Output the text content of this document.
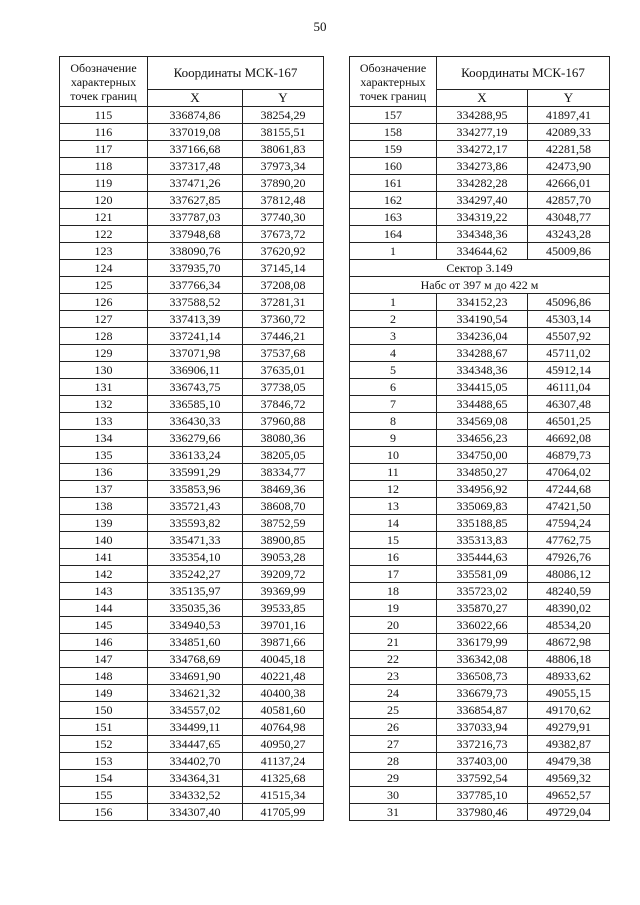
50
Обозначение характерных точек границ	Координаты МСК-167	
	X	Y
115	336874,86	38254,29
116	337019,08	38155,51
117	337166,68	38061,83
118	337317,48	37973,34
119	337471,26	37890,20
120	337627,85	37812,48
121	337787,03	37740,30
122	337948,68	37673,72
123	338090,76	37620,92
124	337935,70	37145,14
125	337766,34	37208,08
126	337588,52	37281,31
127	337413,39	37360,72
128	337241,14	37446,21
129	337071,98	37537,68
130	336906,11	37635,01
131	336743,75	37738,05
132	336585,10	37846,72
133	336430,33	37960,88
134	336279,66	38080,36
135	336133,24	38205,05
136	335991,29	38334,77
137	335853,96	38469,36
138	335721,43	38608,70
139	335593,82	38752,59
140	335471,33	38900,85
141	335354,10	39053,28
142	335242,27	39209,72
143	335135,97	39369,99
144	335035,36	39533,85
145	334940,53	39701,16
146	334851,60	39871,66
147	334768,69	40045,18
148	334691,90	40221,48
149	334621,32	40400,38
150	334557,02	40581,60
151	334499,11	40764,98
152	334447,65	40950,27
153	334402,70	41137,24
154	334364,31	41325,68
155	334332,52	41515,34
156	334307,40	41705,99
Обозначение характерных точек границ	Координаты МСК-167	
	X	Y
157	334288,95	41897,41
158	334277,19	42089,33
159	334272,17	42281,58
160	334273,86	42473,90
161	334282,28	42666,01
162	334297,40	42857,70
163	334319,22	43048,77
164	334348,36	43243,28
1	334644,62	45009,86
Сектор 3.149		
Набс от 397 м до 422 м		
1	334152,23	45096,86
2	334190,54	45303,14
3	334236,04	45507,92
4	334288,67	45711,02
5	334348,36	45912,14
6	334415,05	46111,04
7	334488,65	46307,48
8	334569,08	46501,25
9	334656,23	46692,08
10	334750,00	46879,73
11	334850,27	47064,02
12	334956,92	47244,68
13	335069,83	47421,50
14	335188,85	47594,24
15	335313,83	47762,75
16	335444,63	47926,76
17	335581,09	48086,12
18	335723,02	48240,59
19	335870,27	48390,02
20	336022,66	48534,20
21	336179,99	48672,98
22	336342,08	48806,18
23	336508,73	48933,62
24	336679,73	49055,15
25	336854,87	49170,62
26	337033,94	49279,91
27	337216,73	49382,87
28	337403,00	49479,38
29	337592,54	49569,32
30	337785,10	49652,57
31	337980,46	49729,04
